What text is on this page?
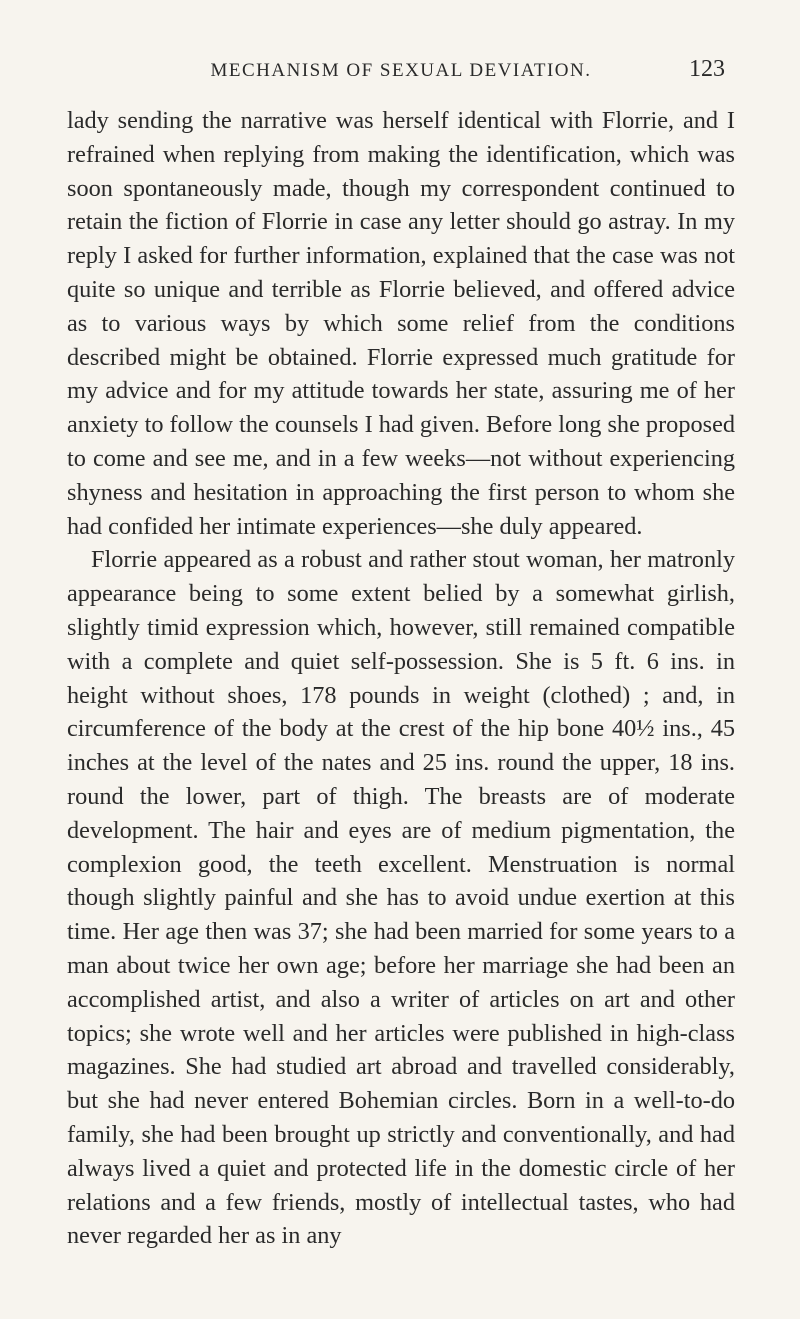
MECHANISM OF SEXUAL DEVIATION.	123

lady sending the narrative was herself identical with Florrie, and I refrained when replying from making the identification, which was soon spontaneously made, though my correspondent continued to retain the fiction of Florrie in case any letter should go astray. In my reply I asked for further information, explained that the case was not quite so unique and terrible as Florrie believed, and offered advice as to various ways by which some relief from the conditions described might be obtained. Florrie expressed much gratitude for my advice and for my attitude towards her state, assuring me of her anxiety to follow the counsels I had given. Before long she proposed to come and see me, and in a few weeks—not without experiencing shyness and hesitation in approaching the first person to whom she had confided her intimate experiences—she duly appeared.

Florrie appeared as a robust and rather stout woman, her matronly appearance being to some extent belied by a somewhat girlish, slightly timid expression which, however, still remained compatible with a complete and quiet self-possession. She is 5 ft. 6 ins. in height without shoes, 178 pounds in weight (clothed) ; and, in circumference of the body at the crest of the hip bone 40½ ins., 45 inches at the level of the nates and 25 ins. round the upper, 18 ins. round the lower, part of thigh. The breasts are of moderate development. The hair and eyes are of medium pigmentation, the complexion good, the teeth excellent. Menstruation is normal though slightly painful and she has to avoid undue exertion at this time. Her age then was 37; she had been married for some years to a man about twice her own age; before her marriage she had been an accomplished artist, and also a writer of articles on art and other topics; she wrote well and her articles were published in high-class magazines. She had studied art abroad and travelled considerably, but she had never entered Bohemian circles. Born in a well-to-do family, she had been brought up strictly and conventionally, and had always lived a quiet and protected life in the domestic circle of her relations and a few friends, mostly of intellectual tastes, who had never regarded her as in any
